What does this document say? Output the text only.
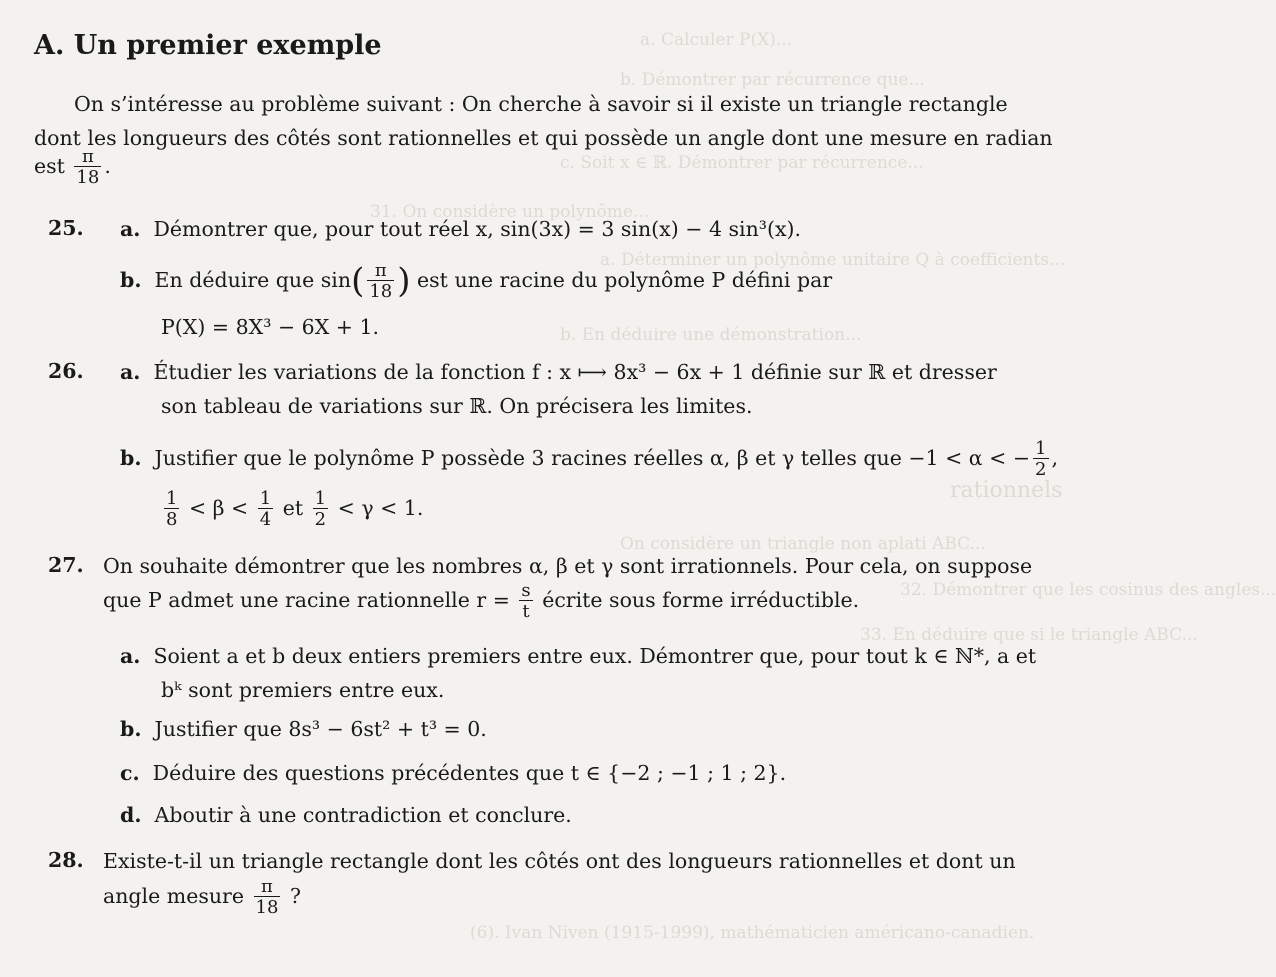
a. Calculer P(X)...
b. Démontrer par récurrence que...
c. Soit x ∈ ℝ. Démontrer par récurrence...
31. On considère un polynôme...
a. Déterminer un polynôme unitaire Q à coefficients...
b. En déduire une démonstration...
rationnels
On considère un triangle non aplati ABC...
32. Démontrer que les cosinus des angles...
33. En déduire que si le triangle ABC...
(6). Ivan Niven (1915-1999), mathématicien américano-canadien.
A. Un premier exemple
On s’intéresse au problème suivant : On cherche à savoir si il existe un triangle rectangle
dont les longueurs des côtés sont rationnelles et qui possède un angle dont une mesure en radian
est $\frac{\pi}{18}$ .
25. a. Démontrer que, pour tout réel x, sin(3x) = 3 sin(x) − 4 sin³(x).
b. En déduire que $\sin( \frac{\pi}{18}$ ) est une racine du polynôme P défini par
P(X) = 8X³ − 6X + 1.
26. a. Étudier les variations de la fonction f : x ⟼ 8x³ − 6x + 1 définie sur ℝ et dresser
son tableau de variations sur ℝ. On précisera les limites.
b. Justifier que le polynôme P possède 3 racines réelles α, β et γ telles que −1 < α < − $\frac{1}{2}$ ,
$\frac{1}{8} < \beta < \frac{1}{4}$ et $\frac{1}{2} < \gamma < 1$.
27. On souhaite démontrer que les nombres α, β et γ sont irrationnels. Pour cela, on suppose
que P admet une racine rationnelle $r = \frac{s}{t}$ écrite sous forme irréductible.
a. Soient a et b deux entiers premiers entre eux. Démontrer que, pour tout k ∈ ℕ*, a et
bᵏ sont premiers entre eux.
b. Justifier que 8s³ − 6st² + t³ = 0.
c. Déduire des questions précédentes que t ∈ {−2 ; −1 ; 1 ; 2}.
d. Aboutir à une contradiction et conclure.
28. Existe-t-il un triangle rectangle dont les côtés ont des longueurs rationnelles et dont un
angle mesure $\frac{\pi}{18}$ ?
